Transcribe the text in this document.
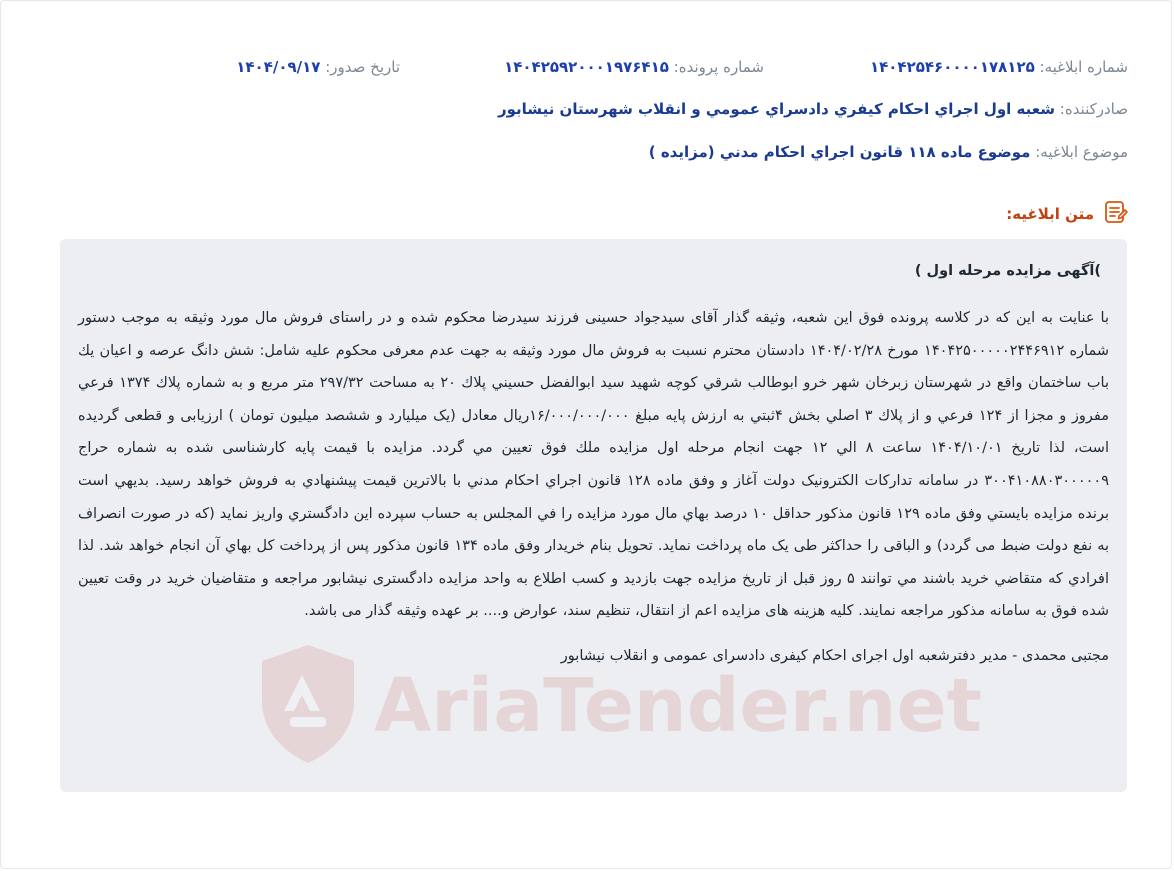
شماره ابلاغیه: ۱۴۰۴۲۵۴۶۰۰۰۰۱۷۸۱۲۵
شماره پرونده: ۱۴۰۴۲۵۹۲۰۰۰۱۹۷۶۴۱۵
تاریخ صدور: ۱۴۰۴/۰۹/۱۷
صادرکننده: شعبه اول اجراي احكام كيفري دادسراي عمومي و انقلاب شهرستان نيشابور
موضوع ابلاغیه: موضوع ماده ۱۱۸ قانون اجراي احكام مدني (مزايده )
متن ابلاغیه:
AriaTender.net
)آگهی مزایده مرحله اول )

با عنایت به این که در کلاسه پرونده فوق این شعبه، وثیقه گذار آقای سیدجواد حسینی فرزند سیدرضا محکوم شده و در راستای فروش مال مورد وثیقه به موجب دستور شماره ۱۴۰۴۲۵۰۰۰۰۰۲۴۴۶۹۱۲ مورخ ۱۴۰۴/۰۲/۲۸ دادستان محترم نسبت به فروش مال مورد وثیقه به جهت عدم معرفی محکوم علیه شامل: شش دانگ عرصه و اعيان يك باب ساختمان واقع در شهرستان زبرخان شهر خرو ابوطالب شرقي كوچه شهيد سيد ابوالفضل حسيني پلاك ۲۰ به مساحت ۲۹۷/۳۲ متر مربع و به شماره پلاك ۱۳۷۴ فرعي مفروز و مجزا از ۱۲۴ فرعي و از پلاك ۳ اصلي بخش ۴ثبتي به ارزش پایه مبلغ ۱۶/۰۰۰/۰۰۰/۰۰۰ریال معادل (یک میلیارد و ششصد میلیون تومان ) ارزیابی و قطعی گردیده است، لذا تاریخ ۱۴۰۴/۱۰/۰۱ ساعت ۸ الي ۱۲ جهت انجام مرحله اول مزايده ملك فوق تعيين مي گردد. مزایده با قیمت پایه کارشناسی شده به شماره حراج ۳۰۰۴۱۰۸۸۰۳۰۰۰۰۰۹ در سامانه تدارکات الکترونیک دولت آغاز و وفق ماده ۱۲۸ قانون اجراي احكام مدني با بالاترين قيمت پيشنهادي به فروش خواهد رسيد. بديهي است برنده مزايده بايستي وفق ماده ۱۲۹ قانون مذكور حداقل ۱۰ درصد بهاي مال مورد مزايده را في المجلس به حساب سپرده اين دادگستري واريز نمايد (كه در صورت انصراف به نفع دولت ضبط می گردد) و الباقی را حداکثر طی یک ماه پرداخت نماید. تحويل بنام خريدار وفق ماده ۱۳۴ قانون مذكور پس از پرداخت كل بهاي آن انجام خواهد شد. لذا افرادي كه متقاضي خريد باشند مي توانند ۵ روز قبل از تاريخ مزايده جهت بازديد و كسب اطلاع به واحد مزايده دادگستری نيشابور مراجعه و متقاضيان خريد در وقت تعيين شده فوق به سامانه مذکور مراجعه نمايند. کلیه هزینه های مزایده اعم از انتقال، تنظیم سند، عوارض و.... بر عهده وثیقه گذار می باشد.

مجتبی محمدی - مدیر دفترشعبه اول اجرای احکام کیفری دادسرای عمومی و انقلاب نیشابور
